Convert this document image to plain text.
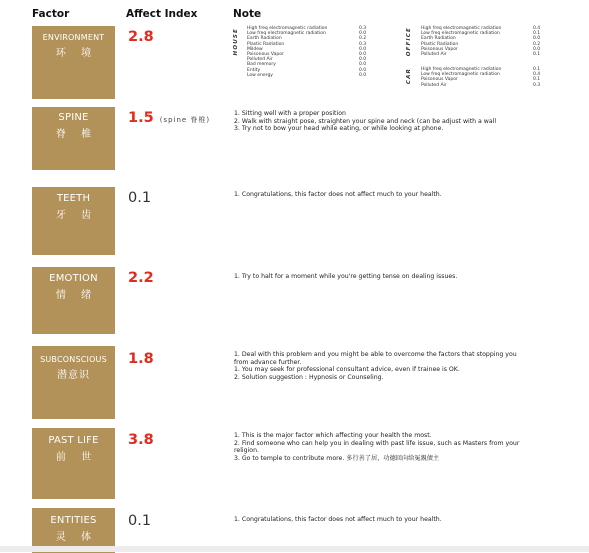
Factor	Affect Index	Note
ENVIRONMENT
环 境
2.8	HOUSE High freq electromagnetic radiation	0.3
Low freq electromagnetic radiation	0.0
Earth Radiation	0.2
Plastic Radiation	0.3
Mildew	0.0
Poisonous Vapor	0.0
Polluted Air	0.0
Bad memory	0.0
Entity	0.0
Low energy	0.0
OFFICE High freq electromagnetic radiation	0.4
Low freq electromagnetic radiation	0.1
Earth Radiation	0.0
Plastic Radiation	0.2
Poisonous Vapor	0.0
Polluted Air	0.1
CAR High freq electromagnetic radiation	0.1
Low freq electromagnetic radiation	0.4
Poisonous Vapor	0.1
Polluted Air	0.3
SPINE
脊 椎
1.5 (spine 脊椎)
1. Sitting well with a proper position
2. Walk with straight pose, straighten your spine and neck (can be adjust with a wall
3. Try not to bow your head while eating, or while looking at phone.
TEETH
牙 齿
0.1	1. Congratulations, this factor does not affect much to your health.
EMOTION
情 绪
2.2	1. Try to halt for a moment while you're getting tense on dealing issues.
SUBCONSCIOUS
潜意识
1.8	1. Deal with this problem and you might be able to overcome the factors that stopping you
from advance further.
1. You may seek for professional consultant advice, even if trainee is OK.
2. Solution suggestion : Hypnosis or Counseling.
PAST LIFE
前 世
3.8	1. This is the major factor which affecting your health the most.
2. Find someone who can help you in dealing with past life issue, such as Masters from your
religion.
3. Go to temple to contribute more. 多行善了居，功德回向给冤親债主
ENTITIES
灵 体
0.1	1. Congratulations, this factor does not affect much to your health.
